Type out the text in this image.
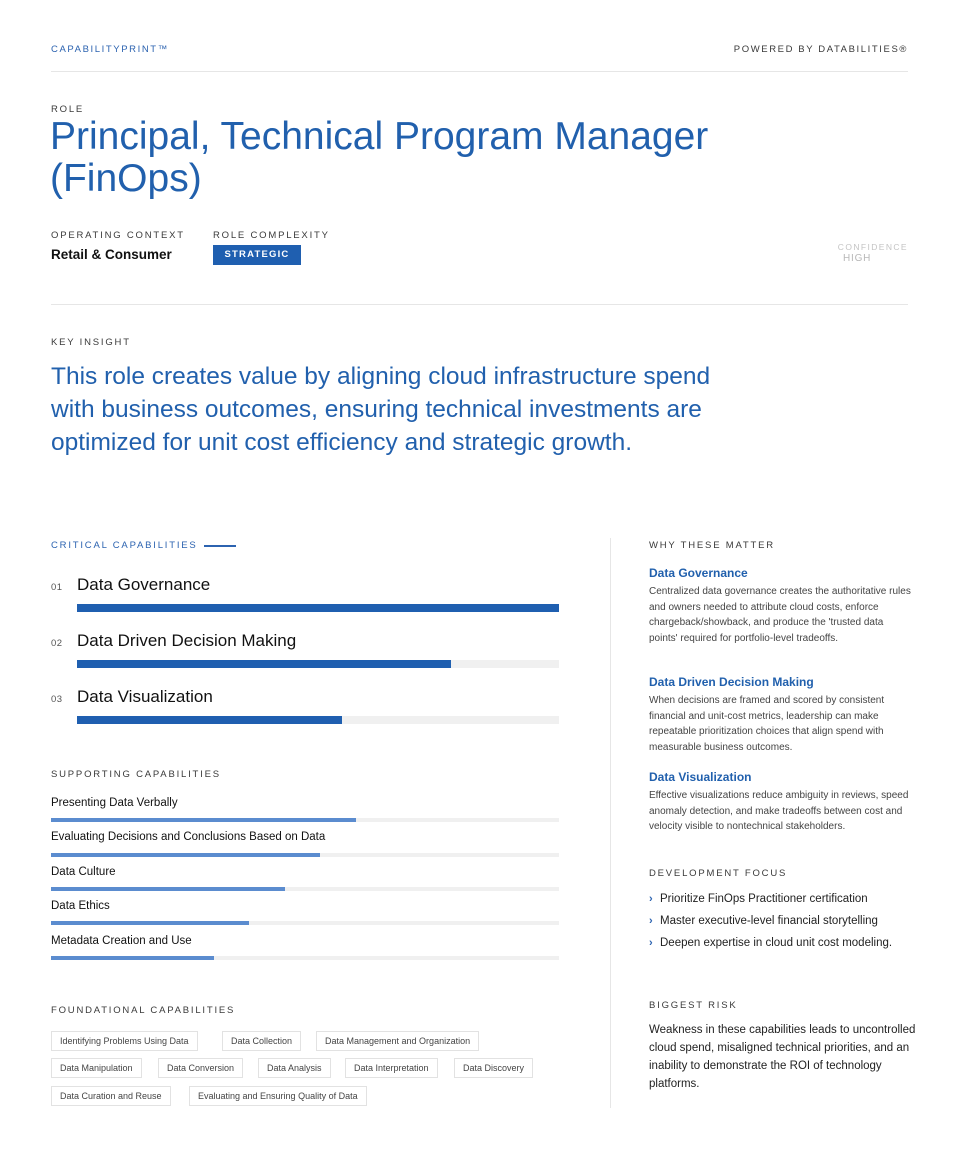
CAPABILITYPRINT™	POWERED BY DATABILITIES®
ROLE
Principal, Technical Program Manager (FinOps)
OPERATING CONTEXT
Retail & Consumer
ROLE COMPLEXITY
STRATEGIC
CONFIDENCE
HIGH
KEY INSIGHT

This role creates value by aligning cloud infrastructure spend with business outcomes, ensuring technical investments are optimized for unit cost efficiency and strategic growth.

CRITICAL CAPABILITIES
01 Data Governance
02 Data Driven Decision Making
03 Data Visualization
SUPPORTING CAPABILITIES
Presenting Data Verbally
Evaluating Decisions and Conclusions Based on Data
Data Culture
Data Ethics
Metadata Creation and Use
FOUNDATIONAL CAPABILITIES
Identifying Problems Using Data	Data Collection	Data Management and Organization
Data Manipulation	Data Conversion	Data Analysis	Data Interpretation	Data Discovery
Data Curation and Reuse	Evaluating and Ensuring Quality of Data
WHY THESE MATTER
Data Governance
Centralized data governance creates the authoritative rules and owners needed to attribute cloud costs, enforce chargeback/showback, and produce the 'trusted data points' required for portfolio-level tradeoffs.
Data Driven Decision Making
When decisions are framed and scored by consistent financial and unit-cost metrics, leadership can make repeatable prioritization choices that align spend with measurable business outcomes.
Data Visualization
Effective visualizations reduce ambiguity in reviews, speed anomaly detection, and make tradeoffs between cost and velocity visible to nontechnical stakeholders.
DEVELOPMENT FOCUS
› Prioritize FinOps Practitioner certification
› Master executive-level financial storytelling
› Deepen expertise in cloud unit cost modeling.
BIGGEST RISK

Weakness in these capabilities leads to uncontrolled cloud spend, misaligned technical priorities, and an inability to demonstrate the ROI of technology platforms.
